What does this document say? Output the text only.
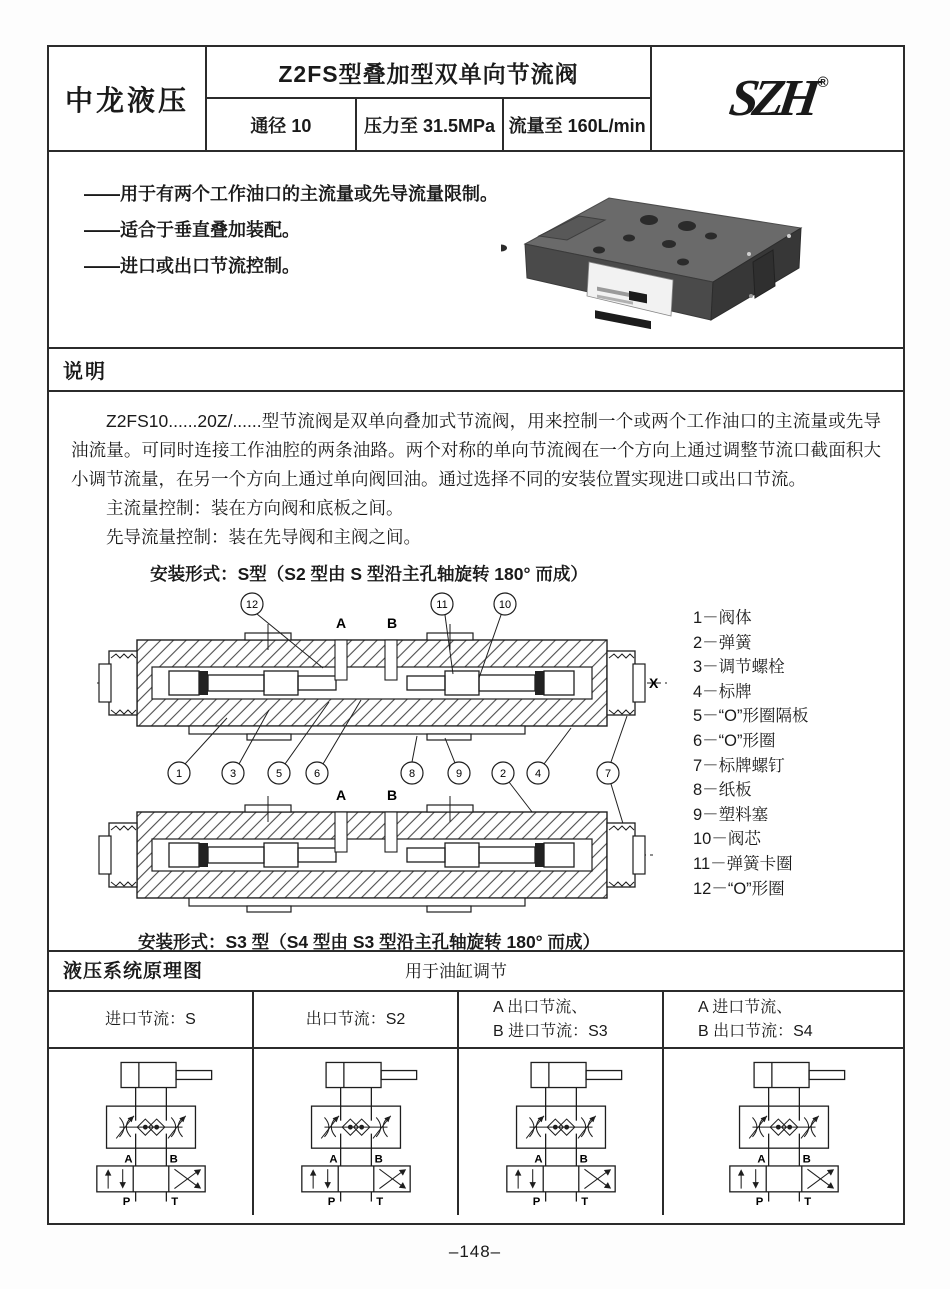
中龙液压
Z2FS型叠加型双单向节流阀
通径 10	压力至 31.5MPa 流量至 160L/min SZH ®
——用于有两个工作油口的主流量或先导流量限制。
——适合于垂直叠加装配。
——进口或出口节流控制。
说明

Z2FS10......20Z/......型节流阀是双单向叠加式节流阀，用来控制一个或两个工作油口的主流量或先导油流量。可同时连接工作油腔的两条油路。两个对称的单向节流阀在一个方向上通过调整节流口截面积大小调节流量，在另一个方向上通过单向阀回油。通过选择不同的安装位置实现进口或出口节流。

主流量控制：装在方向阀和底板之间。
先导流量控制：装在先导阀和主阀之间。
安装形式：S型（S2 型由 S 型沿主孔轴旋转 180° 而成）
X
A	B
12	11	10
1	3	5	6	8	9	2	4	7
A	B
1－阀体
2－弹簧
3－调节螺栓
4－标牌
5－“O”形圈隔板
6－“O”形圈
7－标牌螺钉
8－纸板
9－塑料塞
10－阀芯
11－弹簧卡圈
12－“O”形圈
安装形式：S3 型（S4 型由 S3 型沿主孔轴旋转 180° 而成）
液压系统原理图	用于油缸调节
进口节流：S	出口节流：S2
A 出口节流、
B 进口节流：S3
A 进口节流、
B 出口节流：S4
A	B
P	T
A	B
P	T
A	B
P	T
A	B
P	T
–148–
